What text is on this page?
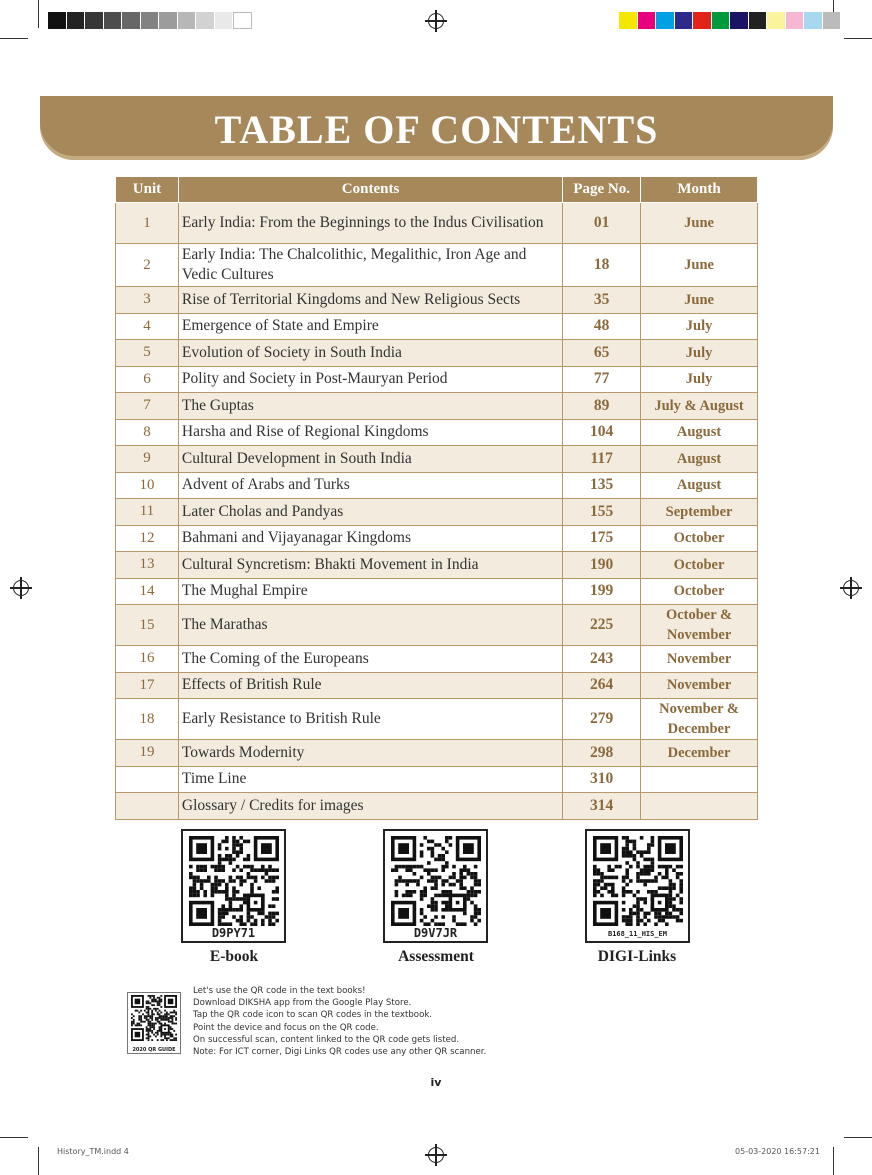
TABLE OF CONTENTS
Unit	Contents	Page No.	Month
1	Early India: From the Beginnings to the Indus Civilisation	01	June
2	Early India: The Chalcolithic, Megalithic, Iron Age and Vedic Cultures	18	June
3	Rise of Territorial Kingdoms and New Religious Sects	35	June
4	Emergence of State and Empire	48	July
5	Evolution of Society in South India	65	July
6	Polity and Society in Post-Mauryan Period	77	July
7	The Guptas	89	July & August
8	Harsha and Rise of Regional Kingdoms	104	August
9	Cultural Development in South India	117	August
10	Advent of Arabs and Turks	135	August
11	Later Cholas and Pandyas	155	September
12	Bahmani and Vijayanagar Kingdoms	175	October
13	Cultural Syncretism: Bhakti Movement in India	190	October
14	The Mughal Empire	199	October
15	The Marathas	225	October & November
16	The Coming of the Europeans	243	November
17	Effects of British Rule	264	November
18	Early Resistance to British Rule	279	November & December
19	Towards Modernity	298	December
	Time Line	310	
	Glossary / Credits for images	314	
D9PY71
E-book
D9V7JR
Assessment
B168_11_HIS_EM
DIGI-Links
2020 QR GUIDE
Let's use the QR code in the text books!
Download DIKSHA app from the Google Play Store.
Tap the QR code icon to scan QR codes in the textbook.
Point the device and focus on the QR code.
On successful scan, content linked to the QR code gets listed.
Note: For ICT corner, Digi Links QR codes use any other QR scanner.
iv
History_TM.indd 4	05-03-2020 16:57:21
